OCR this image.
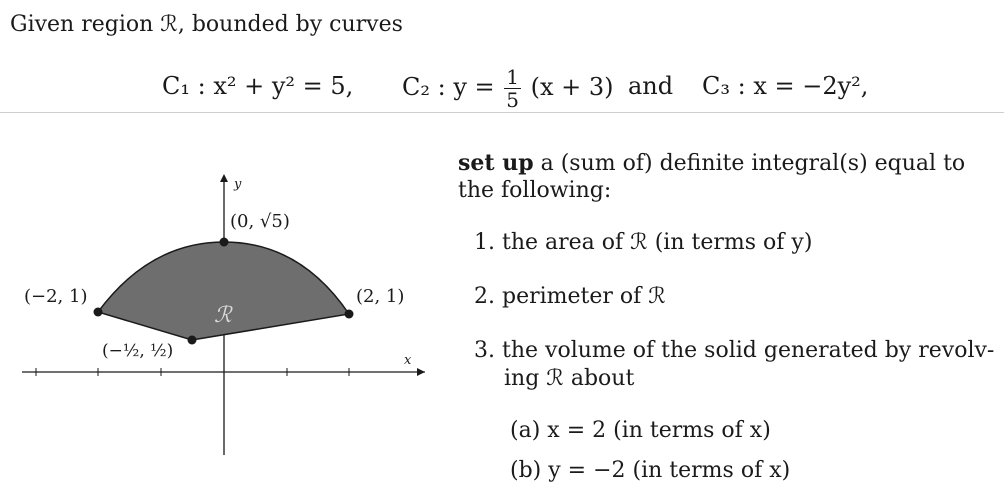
Given region ℛ, bounded by curves
C₁ : x² + y² = 5, C₂ : $y = \frac{1}{5} (x + 3)$ and C₃ : x = −2y²,
y
x
ℛ
(0, √5)
(−2, 1)	(2, 1)
(−½, ½)
set up a (sum of) definite integral(s) equal to
the following:
1. the area of ℛ (in terms of y)
2. perimeter of ℛ
3. the volume of the solid generated by revolv-
ing ℛ about
(a) x = 2 (in terms of x)
(b) y = −2 (in terms of x)
